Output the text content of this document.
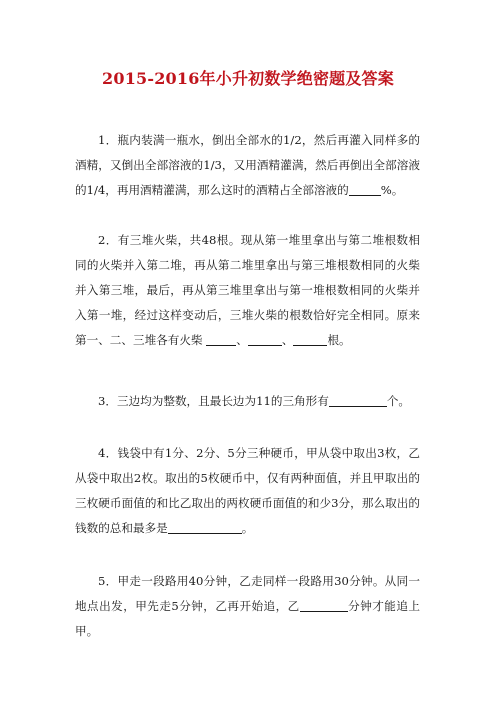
2015-2016年小升初数学绝密题及答案

1．瓶内装满一瓶水，倒出全部水的1/2，然后再灌入同样多的酒精，又倒出全部溶液的1/3，又用酒精灌满，然后再倒出全部溶液的1/4，再用酒精灌满，那么这时的酒精占全部溶液的	%。

2．有三堆火柴，共48根。现从第一堆里拿出与第二堆根数相同的火柴并入第二堆，再从第二堆里拿出与第三堆根数相同的火柴并入第三堆，最后，再从第三堆里拿出与第一堆根数相同的火柴并入第一堆，经过这样变动后，三堆火柴的根数恰好完全相同。原来第一、二、三堆各有火柴	、	、	根。

3．三边均为整数，且最长边为11的三角形有	个。

4．钱袋中有1分、2分、5分三种硬币，甲从袋中取出3枚，乙从袋中取出2枚。取出的5枚硬币中，仅有两种面值，并且甲取出的三枚硬币面值的和比乙取出的两枚硬币面值的和少3分，那么取出的钱数的总和最多是	。

5．甲走一段路用40分钟，乙走同样一段路用30分钟。从同一地点出发，甲先走5分钟，乙再开始追，乙	分钟才能追上甲。
